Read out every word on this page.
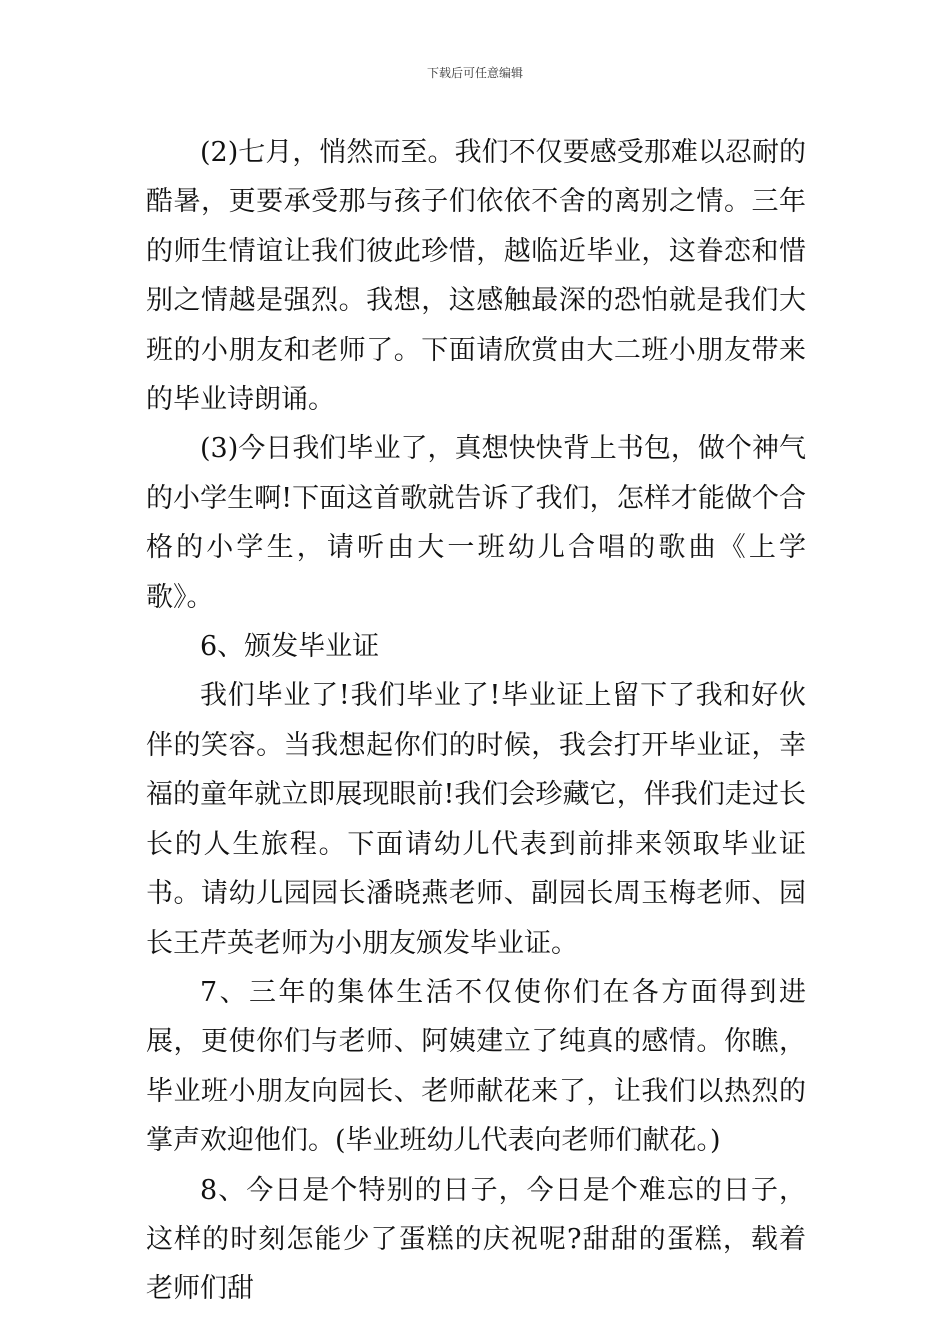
下载后可任意编辑

(2)七月，悄然而至。我们不仅要感受那难以忍耐的酷暑，更要承受那与孩子们依依不舍的离别之情。三年的师生情谊让我们彼此珍惜，越临近毕业，这眷恋和惜别之情越是强烈。我想，这感触最深的恐怕就是我们大班的小朋友和老师了。下面请欣赏由大二班小朋友带来的毕业诗朗诵。

(3)今日我们毕业了，真想快快背上书包，做个神气的小学生啊!下面这首歌就告诉了我们，怎样才能做个合格的小学生，请听由大一班幼儿合唱的歌曲《上学歌》。

6、颁发毕业证

我们毕业了!我们毕业了!毕业证上留下了我和好伙伴的笑容。当我想起你们的时候，我会打开毕业证，幸福的童年就立即展现眼前!我们会珍藏它，伴我们走过长长的人生旅程。下面请幼儿代表到前排来领取毕业证书。请幼儿园园长潘晓燕老师、副园长周玉梅老师、园长王芹英老师为小朋友颁发毕业证。

7、三年的集体生活不仅使你们在各方面得到进展，更使你们与老师、阿姨建立了纯真的感情。你瞧，毕业班小朋友向园长、老师献花来了，让我们以热烈的掌声欢迎他们。(毕业班幼儿代表向老师们献花。)

8、今日是个特别的日子，今日是个难忘的日子，这样的时刻怎能少了蛋糕的庆祝呢?甜甜的蛋糕，载着老师们甜
